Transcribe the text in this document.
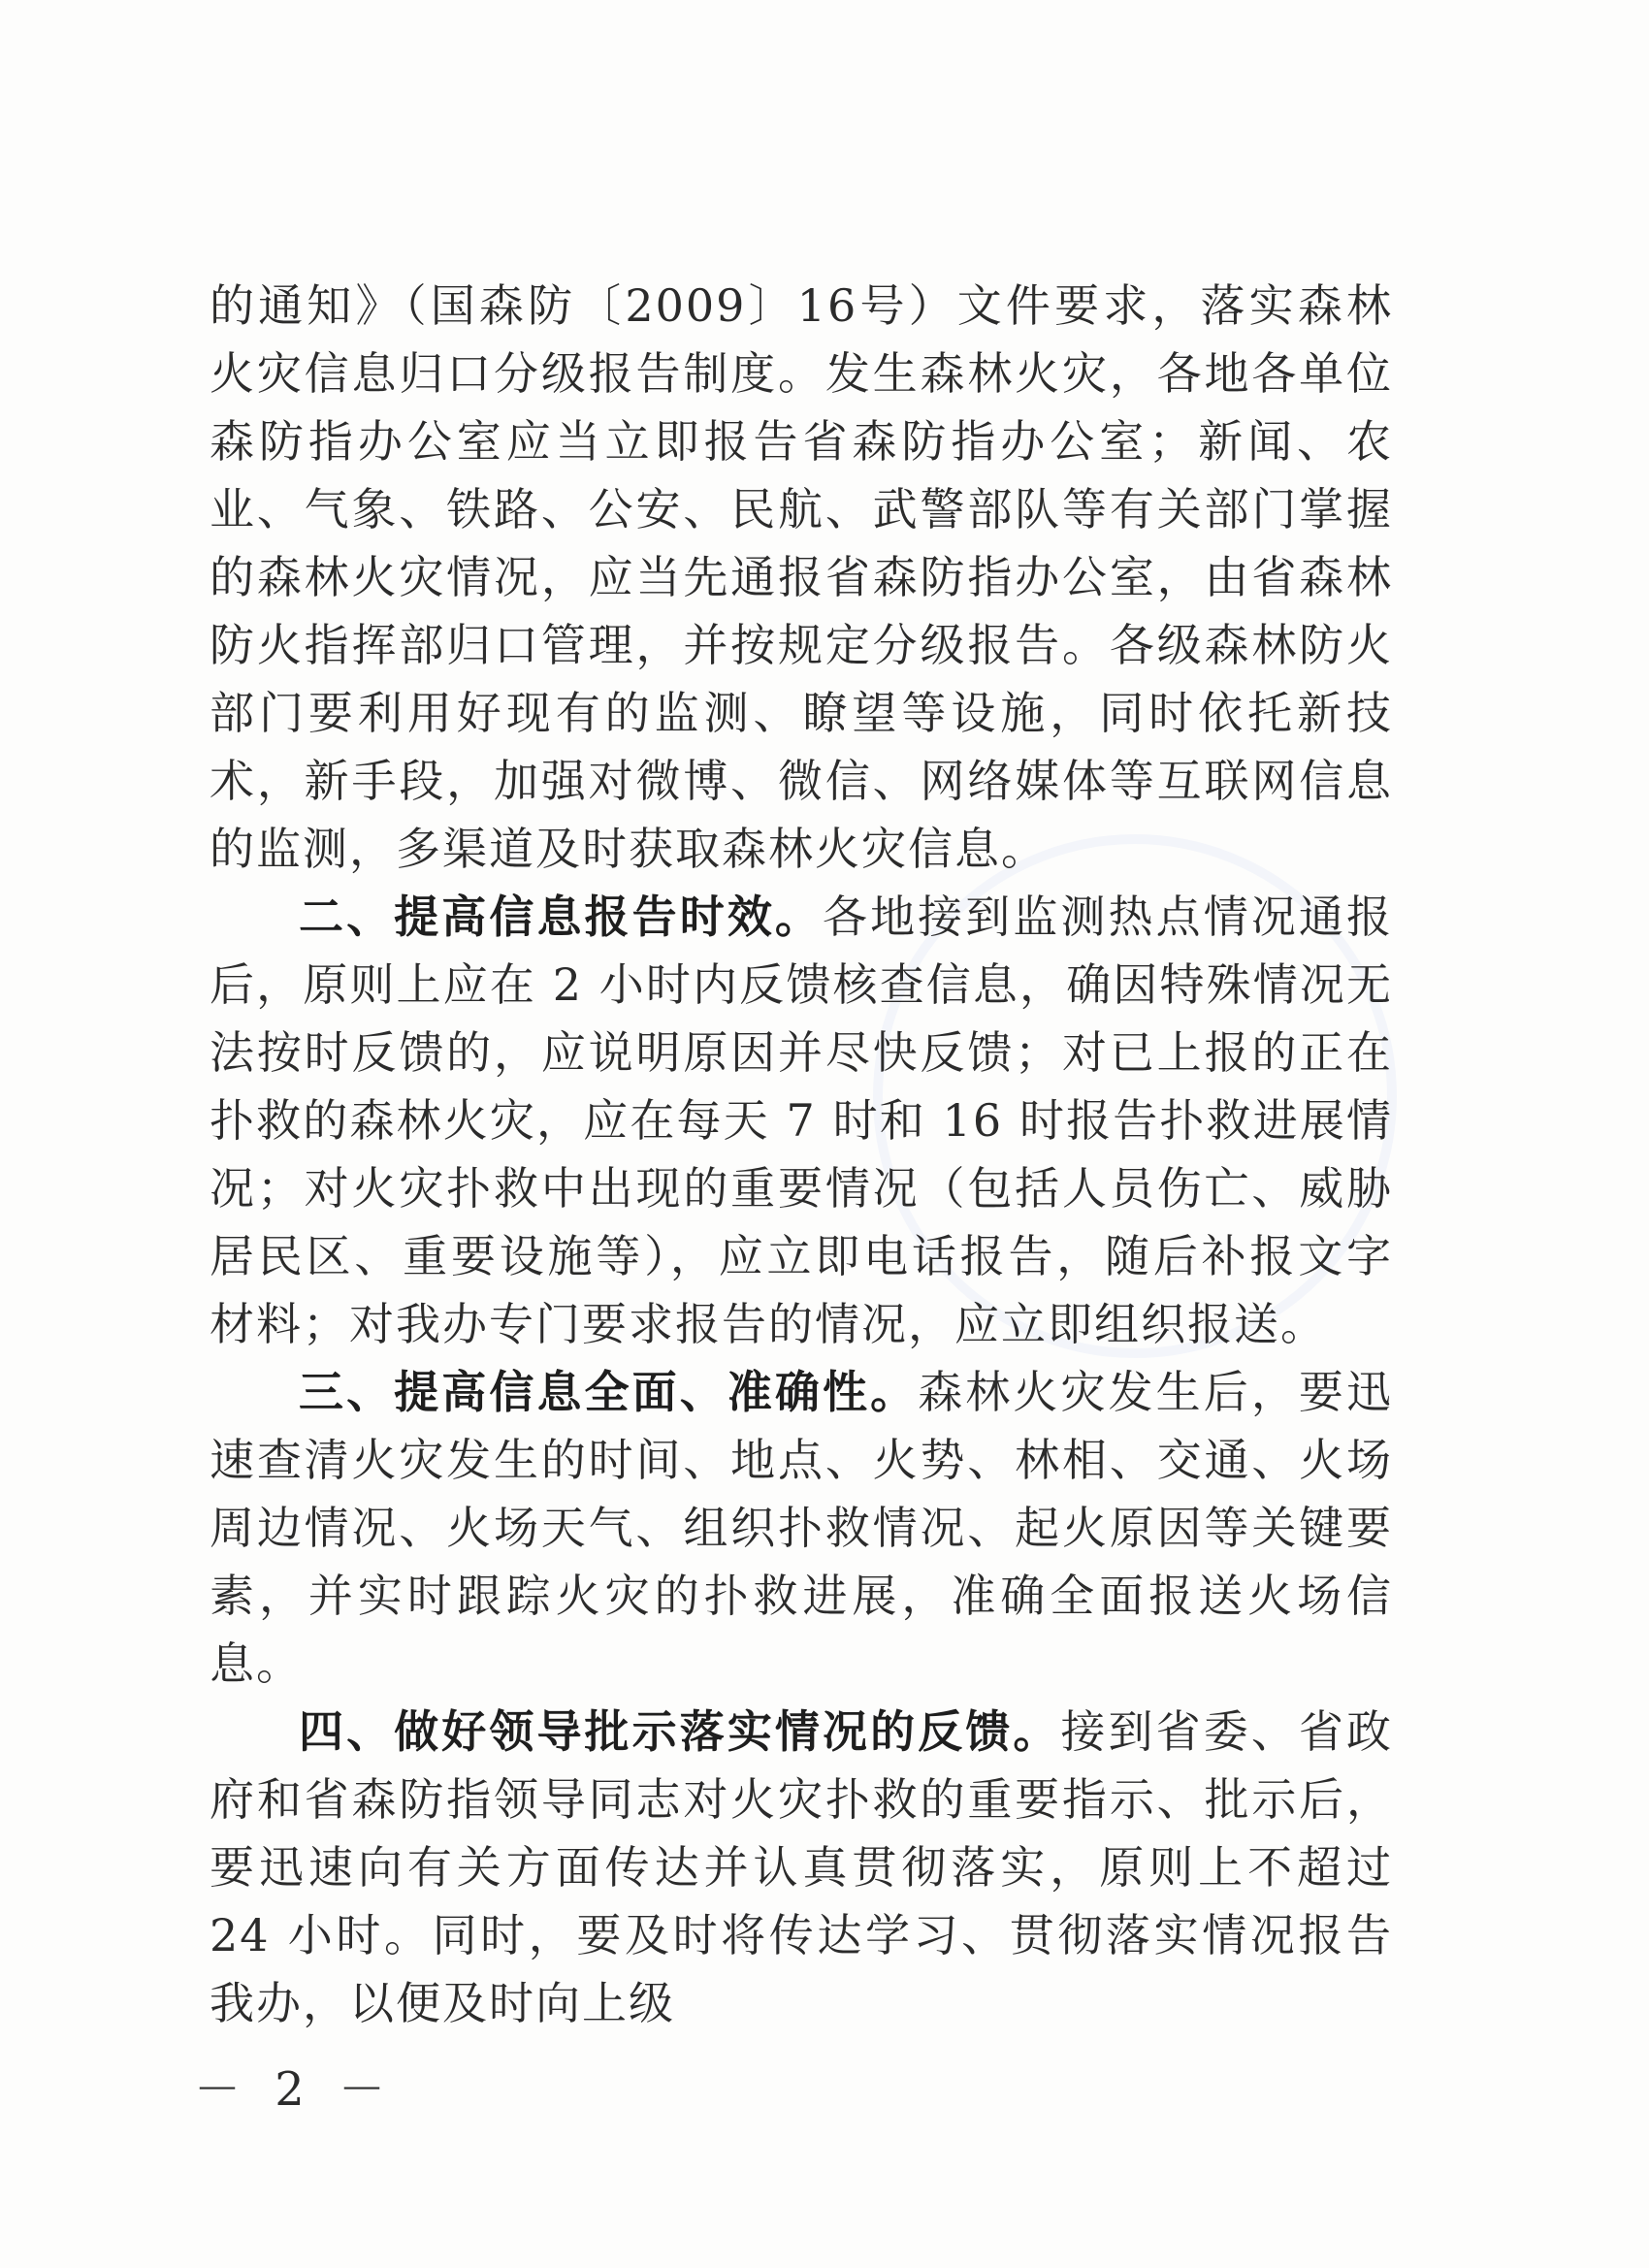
的通知》（国森防〔2009〕16号）文件要求，落实森林火灾信息归口分级报告制度。发生森林火灾，各地各单位森防指办公室应当立即报告省森防指办公室；新闻、农业、气象、铁路、公安、民航、武警部队等有关部门掌握的森林火灾情况，应当先通报省森防指办公室，由省森林防火指挥部归口管理，并按规定分级报告。各级森林防火部门要利用好现有的监测、瞭望等设施，同时依托新技术，新手段，加强对微博、微信、网络媒体等互联网信息的监测，多渠道及时获取森林火灾信息。

二、提高信息报告时效。各地接到监测热点情况通报后，原则上应在 2 小时内反馈核查信息，确因特殊情况无法按时反馈的，应说明原因并尽快反馈；对已上报的正在扑救的森林火灾，应在每天 7 时和 16 时报告扑救进展情况；对火灾扑救中出现的重要情况（包括人员伤亡、威胁居民区、重要设施等），应立即电话报告，随后补报文字材料；对我办专门要求报告的情况，应立即组织报送。

三、提高信息全面、准确性。森林火灾发生后，要迅速查清火灾发生的时间、地点、火势、林相、交通、火场周边情况、火场天气、组织扑救情况、起火原因等关键要素，并实时跟踪火灾的扑救进展，准确全面报送火场信息。

四、做好领导批示落实情况的反馈。接到省委、省政府和省森防指领导同志对火灾扑救的重要指示、批示后，要迅速向有关方面传达并认真贯彻落实，原则上不超过 24 小时。同时，要及时将传达学习、贯彻落实情况报告我办，以便及时向上级

－ 2 －
